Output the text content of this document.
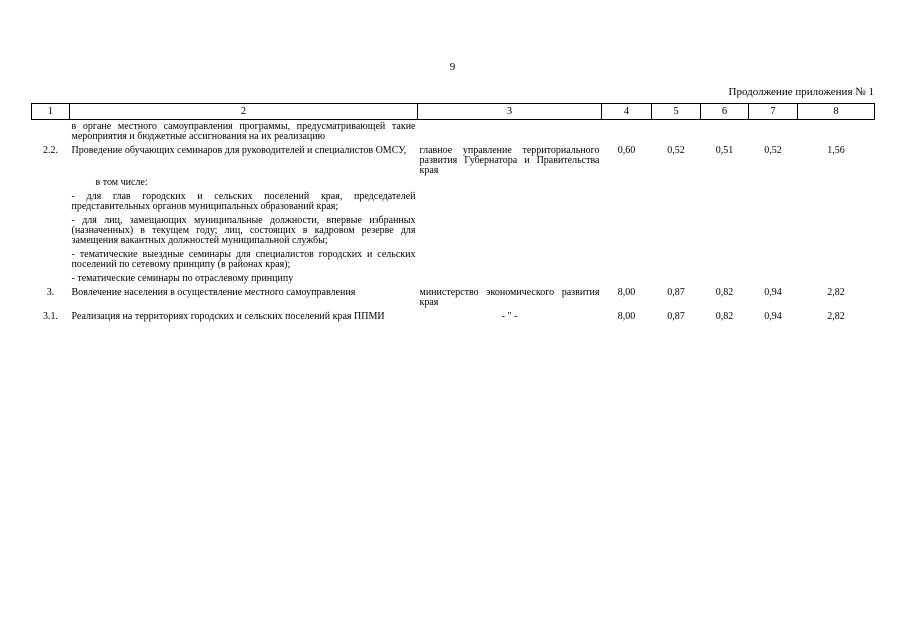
9
Продолжение приложения № 1
1	2	3	4	5	6	7	8
	в органе местного самоуправления программы, предусматривающей такие мероприятия и бюджетные ассигнования на их реализацию						

2.2.	Проведение обучающих семинаров для руководителей и специалистов ОМСУ,	главное управление территориального развития Губернатора и Правительства края	0,60	0,52	0,51	0,52	1,56
	в том числе:						

	- для глав городских и сельских поселений края, председателей представительных органов муниципальных образований края;						

	- для лиц, замещающих муниципальные должности, впервые избранных (назначенных) в текущем году; лиц, состоящих в кадровом резерве для замещения вакантных должностей муниципальной службы;						

	- тематические выездные семинары для специалистов городских и сельских поселений по сетевому принципу (в районах края);						

	- тематические семинары по отраслевому принципу						

3.	Вовлечение населения в осуществление местного самоуправления	министерство экономического развития края	8,00	0,87	0,82	0,94	2,82

3.1.	Реализация на территориях городских и сельских поселений края ППМИ	- " -	8,00	0,87	0,82	0,94	2,82
